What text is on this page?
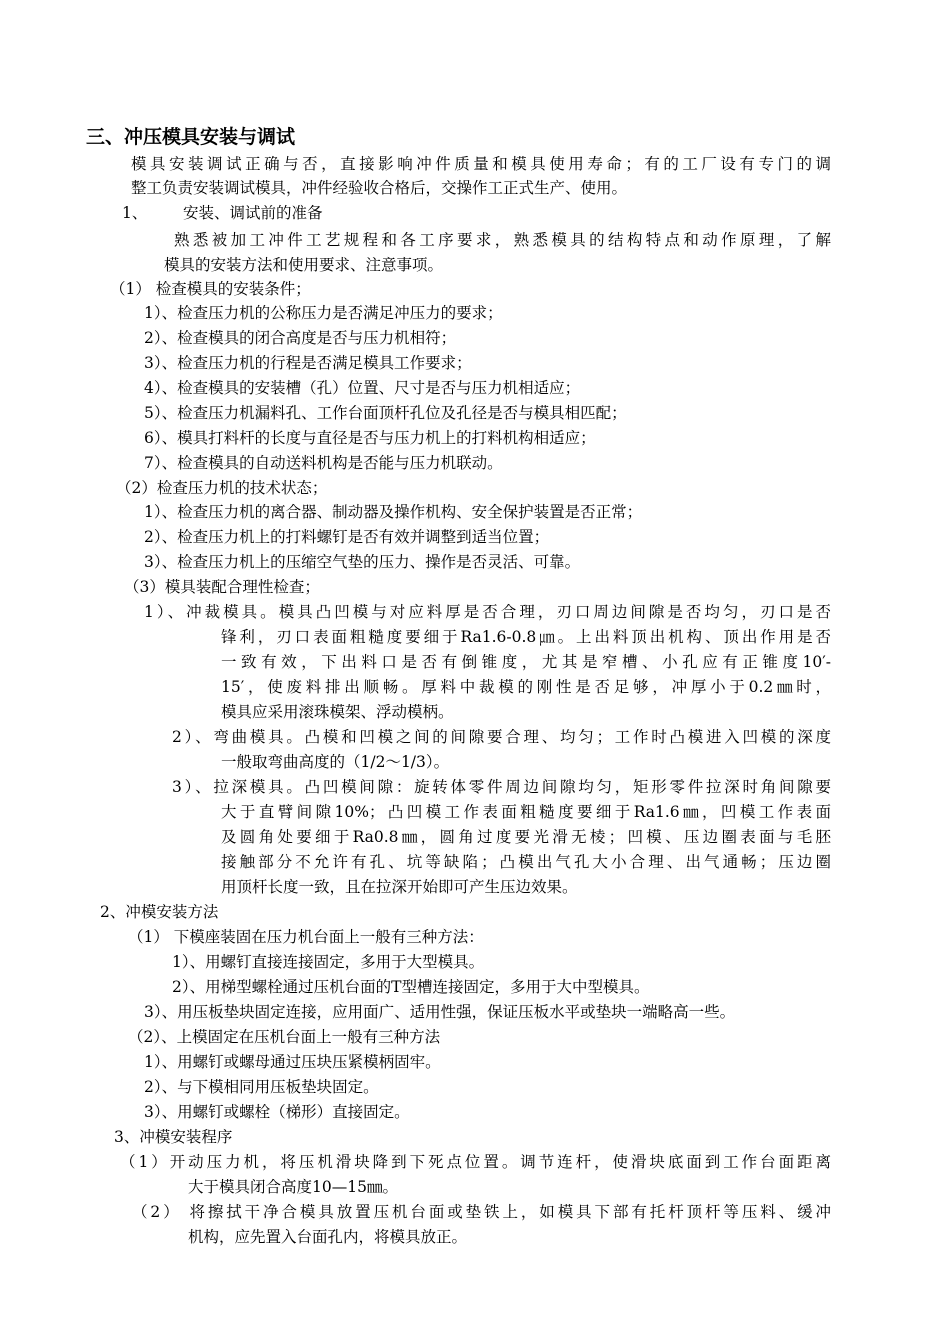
三、冲压模具安装与调试
模具安装调试正确与否，直接影响冲件质量和模具使用寿命；有的工厂设有专门的调
整工负责安装调试模具，冲件经验收合格后，交操作工正式生产、使用。
1、 安装、调试前的准备
熟悉被加工冲件工艺规程和各工序要求，熟悉模具的结构特点和动作原理，了解
模具的安装方法和使用要求、注意事项。
（1） 检查模具的安装条件；
1）、检查压力机的公称压力是否满足冲压力的要求；
2）、检查模具的闭合高度是否与压力机相符；
3）、检查压力机的行程是否满足模具工作要求；
4）、检查模具的安装槽（孔）位置、尺寸是否与压力机相适应；
5）、检查压力机漏料孔、工作台面顶杆孔位及孔径是否与模具相匹配；
6）、模具打料杆的长度与直径是否与压力机上的打料机构相适应；
7）、检查模具的自动送料机构是否能与压力机联动。
（2）检查压力机的技术状态；
1）、检查压力机的离合器、制动器及操作机构、安全保护装置是否正常；
2）、检查压力机上的打料螺钉是否有效并调整到适当位置；
3）、检查压力机上的压缩空气垫的压力、操作是否灵活、可靠。
（3）模具装配合理性检查；
1）、冲裁模具。模具凸凹模与对应料厚是否合理，刃口周边间隙是否均匀，刃口是否
锋利，刃口表面粗糙度要细于Ra1.6-0.8㎛。上出料顶出机构、顶出作用是否
一致有效，下出料口是否有倒锥度，尤其是窄槽、小孔应有正锥度10′-
15′，使废料排出顺畅。厚料中裁模的刚性是否足够，冲厚小于0.2㎜时，
模具应采用滚珠模架、浮动模柄。
2）、弯曲模具。凸模和凹模之间的间隙要合理、均匀；工作时凸模进入凹模的深度
一般取弯曲高度的（1/2～1/3）。
3）、拉深模具。凸凹模间隙：旋转体零件周边间隙均匀，矩形零件拉深时角间隙要
大于直臂间隙10%；凸凹模工作表面粗糙度要细于Ra1.6㎜，凹模工作表面
及圆角处要细于Ra0.8㎜，圆角过度要光滑无棱；凹模、压边圈表面与毛胚
接触部分不允许有孔、坑等缺陷；凸模出气孔大小合理、出气通畅；压边圈
用顶杆长度一致，且在拉深开始即可产生压边效果。
2、冲模安装方法
（1） 下模座装固在压力机台面上一般有三种方法：
1）、用螺钉直接连接固定，多用于大型模具。
2）、用梯型螺栓通过压机台面的T型槽连接固定，多用于大中型模具。
3）、用压板垫块固定连接，应用面广、适用性强，保证压板水平或垫块一端略高一些。
（2）、上模固定在压机台面上一般有三种方法
1）、用螺钉或螺母通过压块压紧模柄固牢。
2）、与下模相同用压板垫块固定。
3）、用螺钉或螺栓（梯形）直接固定。
3、冲模安装程序
（1）开动压力机，将压机滑块降到下死点位置。调节连杆，使滑块底面到工作台面距离
大于模具闭合高度10—15㎜。
（2） 将擦拭干净合模具放置压机台面或垫铁上，如模具下部有托杆顶杆等压料、缓冲
机构，应先置入台面孔内，将模具放正。
